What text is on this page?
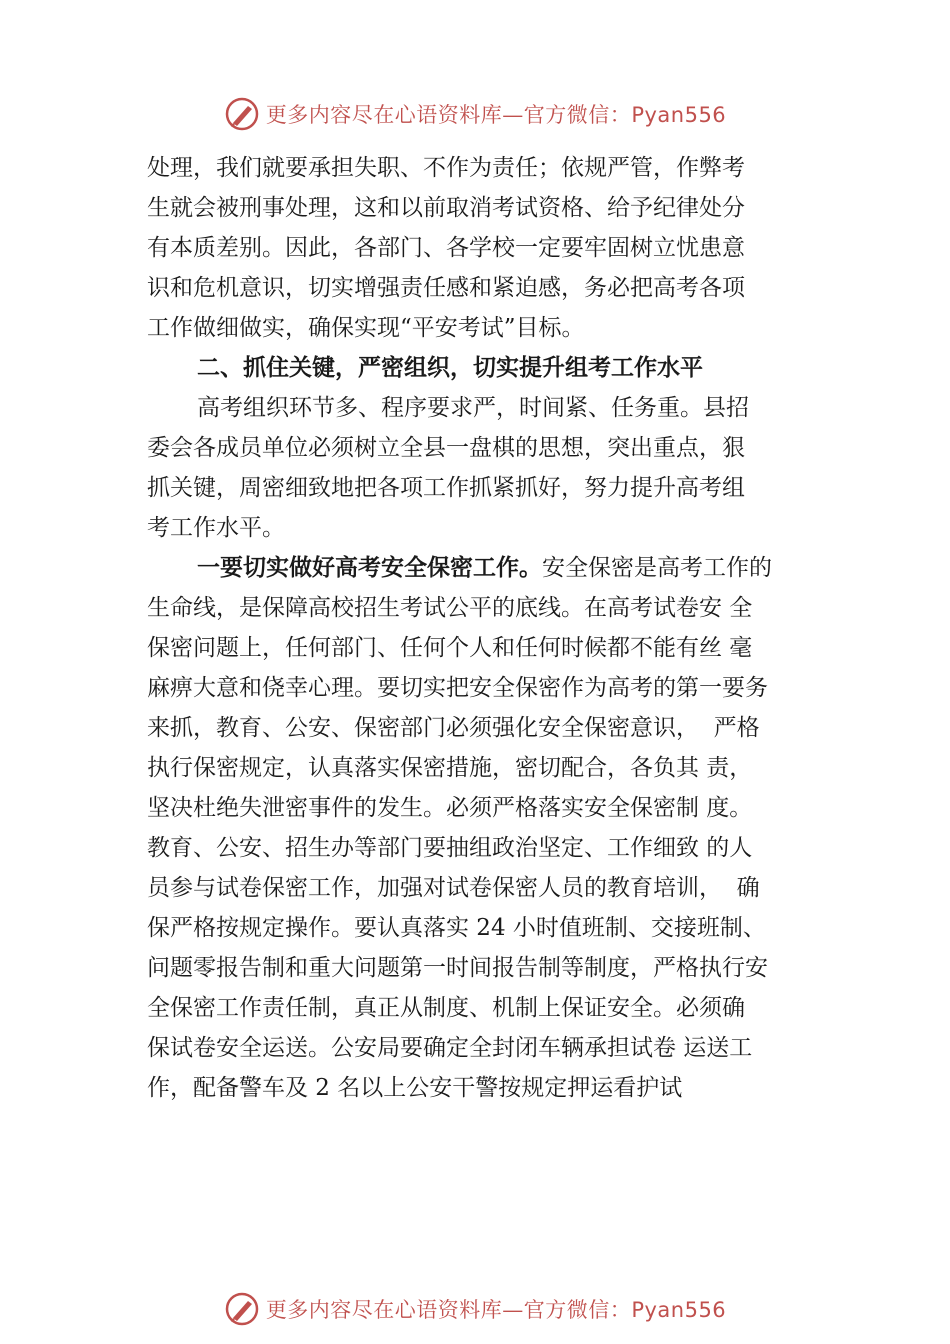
更多内容尽在心语资料库—官方微信：Pyan556
处理，我们就要承担失职、不作为责任；依规严管，作弊考
生就会被刑事处理，这和以前取消考试资格、给予纪律处分
有本质差别。因此，各部门、各学校一定要牢固树立忧患意
识和危机意识，切实增强责任感和紧迫感，务必把高考各项
工作做细做实，确保实现“平安考试”目标。
二、抓住关键，严密组织，切实提升组考工作水平
高考组织环节多、程序要求严，时间紧、任务重。县招
委会各成员单位必须树立全县一盘棋的思想，突出重点，狠
抓关键，周密细致地把各项工作抓紧抓好，努力提升高考组
考工作水平。
一要切实做好高考安全保密工作。安全保密是高考工作的
生命线，是保障高校招生考试公平的底线。在高考试卷安 全
保密问题上，任何部门、任何个人和任何时候都不能有丝 毫
麻痹大意和侥幸心理。要切实把安全保密作为高考的第一要务
来抓，教育、公安、保密部门必须强化安全保密意识，  严格
执行保密规定，认真落实保密措施，密切配合，各负其 责，
坚决杜绝失泄密事件的发生。必须严格落实安全保密制 度。
教育、公安、招生办等部门要抽组政治坚定、工作细致 的人
员参与试卷保密工作，加强对试卷保密人员的教育培训，  确
保严格按规定操作。要认真落实 24 小时值班制、交接班制、
问题零报告制和重大问题第一时间报告制等制度，严格执行安
全保密工作责任制，真正从制度、机制上保证安全。必须确
保试卷安全运送。公安局要确定全封闭车辆承担试卷 运送工
作，配备警车及 2 名以上公安干警按规定押运看护试
更多内容尽在心语资料库—官方微信：Pyan556
